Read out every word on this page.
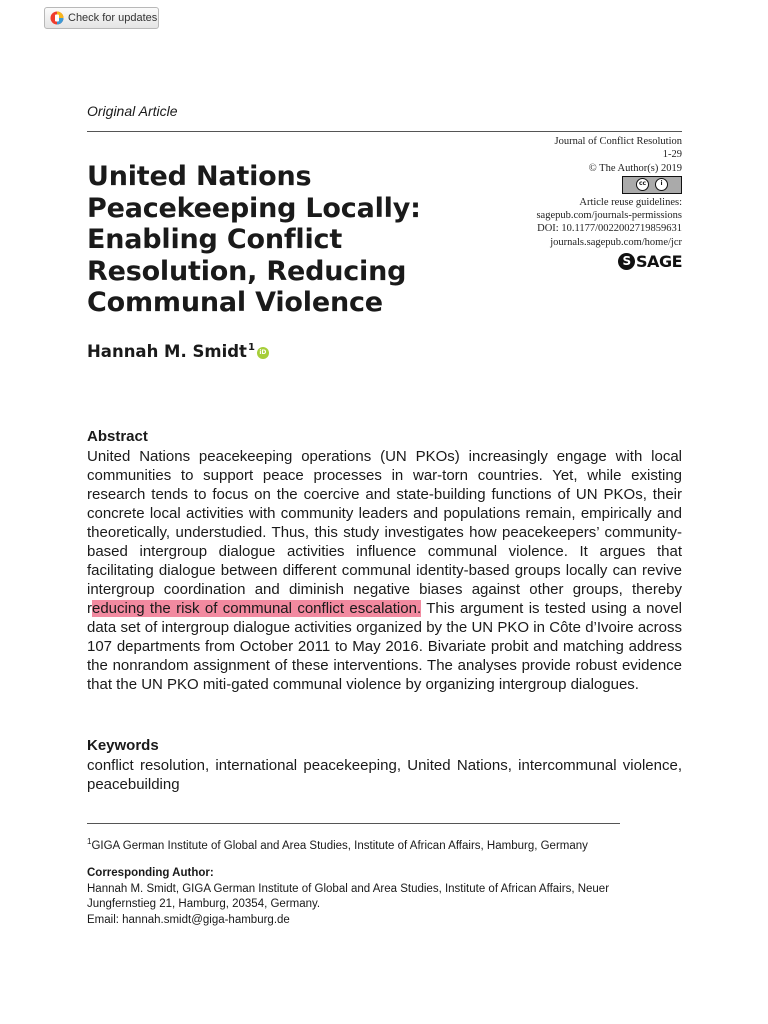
Check for updates
Original Article
United Nations Peacekeeping Locally: Enabling Conflict Resolution, Reducing Communal Violence
Journal of Conflict Resolution
1-29
© The Author(s) 2019
cc	i
Article reuse guidelines:
sagepub.com/journals-permissions
DOI: 10.1177/0022002719859631
journals.sagepub.com/home/jcr
S SAGE
Hannah M. Smidt$^1$ iD
Abstract

United Nations peacekeeping operations (UN PKOs) increasingly engage with local communities to support peace processes in war-torn countries. Yet, while existing research tends to focus on the coercive and state-building functions of UN PKOs, their concrete local activities with community leaders and populations remain, empirically and theoretically, understudied. Thus, this study investigates how peacekeepers’ community-based intergroup dialogue activities influence communal violence. It argues that facilitating dialogue between different communal identity-based groups locally can revive intergroup coordination and diminish negative biases against other groups, thereby reducing the risk of communal conflict escalation. This argument is tested using a novel data set of intergroup dialogue activities organized by the UN PKO in Côte d’Ivoire across 107 departments from October 2011 to May 2016. Bivariate probit and matching address the nonrandom assignment of these interventions. The analyses provide robust evidence that the UN PKO miti-gated communal violence by organizing intergroup dialogues.

Keywords

conflict resolution, international peacekeeping, United Nations, intercommunal violence, peacebuilding

$^1$GIGA German Institute of Global and Area Studies, Institute of African Affairs, Hamburg, Germany

Corresponding Author:
Hannah M. Smidt, GIGA German Institute of Global and Area Studies, Institute of African Affairs, Neuer
Jungfernstieg 21, Hamburg, 20354, Germany.
Email: hannah.smidt@giga-hamburg.de
